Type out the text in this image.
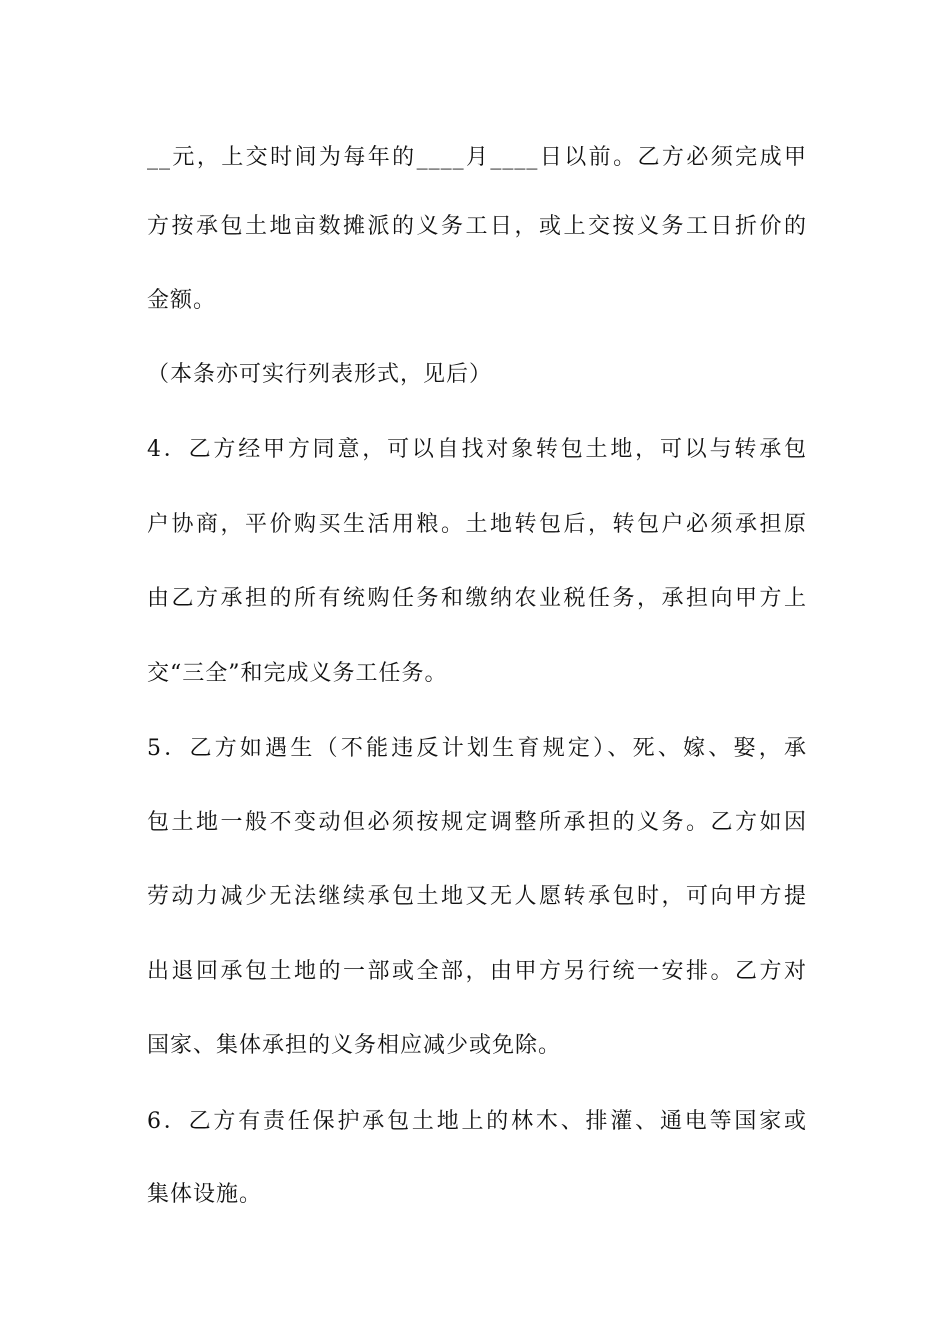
__元，上交时间为每年的____月____日以前。乙方必须完成甲
方按承包土地亩数摊派的义务工日，或上交按义务工日折价的
金额。
（本条亦可实行列表形式，见后）
4．乙方经甲方同意，可以自找对象转包土地，可以与转承包
户协商，平价购买生活用粮。土地转包后，转包户必须承担原
由乙方承担的所有统购任务和缴纳农业税任务，承担向甲方上
交“三全”和完成义务工任务。
5．乙方如遇生（不能违反计划生育规定）、死、嫁、娶，承
包土地一般不变动但必须按规定调整所承担的义务。乙方如因
劳动力减少无法继续承包土地又无人愿转承包时，可向甲方提
出退回承包土地的一部或全部，由甲方另行统一安排。乙方对
国家、集体承担的义务相应减少或免除。
6．乙方有责任保护承包土地上的林木、排灌、通电等国家或
集体设施。
